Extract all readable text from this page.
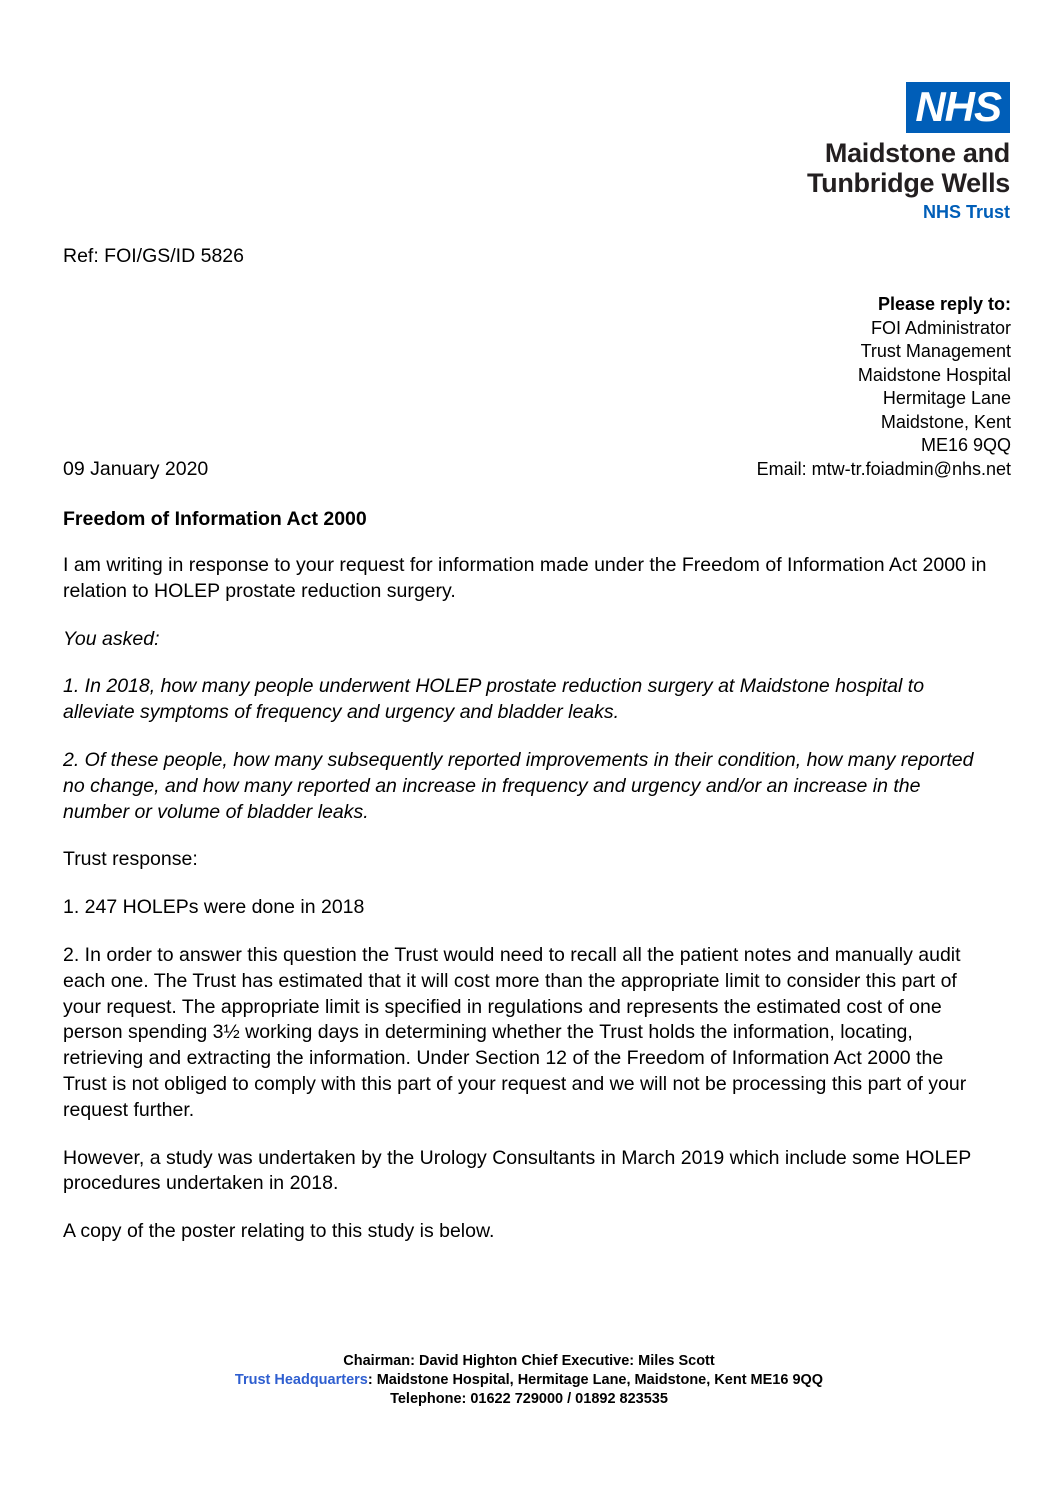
NHS
Maidstone and
Tunbridge Wells
NHS Trust
Ref: FOI/GS/ID 5826
Please reply to:
FOI Administrator
Trust Management
Maidstone Hospital
Hermitage Lane
Maidstone, Kent
ME16 9QQ
Email: mtw-tr.foiadmin@nhs.net
09 January 2020
Freedom of Information Act 2000

I am writing in response to your request for information made under the Freedom of Information Act 2000 in relation to HOLEP prostate reduction surgery.

You asked:

1. In 2018, how many people underwent HOLEP prostate reduction surgery at Maidstone hospital to alleviate symptoms of frequency and urgency and bladder leaks.

2. Of these people, how many subsequently reported improvements in their condition, how many reported no change, and how many reported an increase in frequency and urgency and/or an increase in the number or volume of bladder leaks.

Trust response:

1. 247 HOLEPs were done in 2018

2. In order to answer this question the Trust would need to recall all the patient notes and manually audit each one. The Trust has estimated that it will cost more than the appropriate limit to consider this part of your request. The appropriate limit is specified in regulations and represents the estimated cost of one person spending 3½ working days in determining whether the Trust holds the information, locating, retrieving and extracting the information. Under Section 12 of the Freedom of Information Act 2000 the Trust is not obliged to comply with this part of your request and we will not be processing this part of your request further.

However, a study was undertaken by the Urology Consultants in March 2019 which include some HOLEP procedures undertaken in 2018.

A copy of the poster relating to this study is below.

Chairman: David Highton Chief Executive: Miles Scott
Trust Headquarters: Maidstone Hospital, Hermitage Lane, Maidstone, Kent ME16 9QQ
Telephone: 01622 729000 / 01892 823535
